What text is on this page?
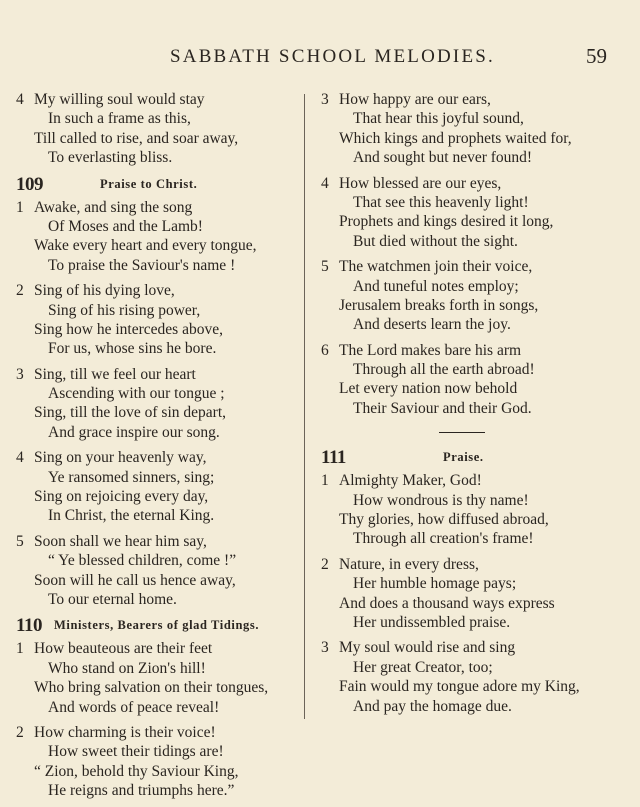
SABBATH SCHOOL MELODIES.	59
4 My willing soul would stay
In such a frame as this,
Till called to rise, and soar away,
To everlasting bliss.
109	Praise to Christ.
1 Awake, and sing the song
Of Moses and the Lamb!
Wake every heart and every tongue,
To praise the Saviour's name !
2 Sing of his dying love,
Sing of his rising power,
Sing how he intercedes above,
For us, whose sins he bore.
3 Sing, till we feel our heart
Ascending with our tongue ;
Sing, till the love of sin depart,
And grace inspire our song.
4 Sing on your heavenly way,
Ye ransomed sinners, sing;
Sing on rejoicing every day,
In Christ, the eternal King.
5 Soon shall we hear him say,
“ Ye blessed children, come !”
Soon will he call us hence away,
To our eternal home.
110 Ministers, Bearers of glad Tidings.
1 How beauteous are their feet
Who stand on Zion's hill!
Who bring salvation on their tongues,
And words of peace reveal!
2 How charming is their voice!
How sweet their tidings are!
“ Zion, behold thy Saviour King,
He reigns and triumphs here.”
3 How happy are our ears,
That hear this joyful sound,
Which kings and prophets waited for,
And sought but never found!
4 How blessed are our eyes,
That see this heavenly light!
Prophets and kings desired it long,
But died without the sight.
5 The watchmen join their voice,
And tuneful notes employ;
Jerusalem breaks forth in songs,
And deserts learn the joy.
6 The Lord makes bare his arm
Through all the earth abroad!
Let every nation now behold
Their Saviour and their God.
111	Praise.
1 Almighty Maker, God!
How wondrous is thy name!
Thy glories, how diffused abroad,
Through all creation's frame!
2 Nature, in every dress,
Her humble homage pays;
And does a thousand ways express
Her undissembled praise.
3 My soul would rise and sing
Her great Creator, too;
Fain would my tongue adore my King,
And pay the homage due.
